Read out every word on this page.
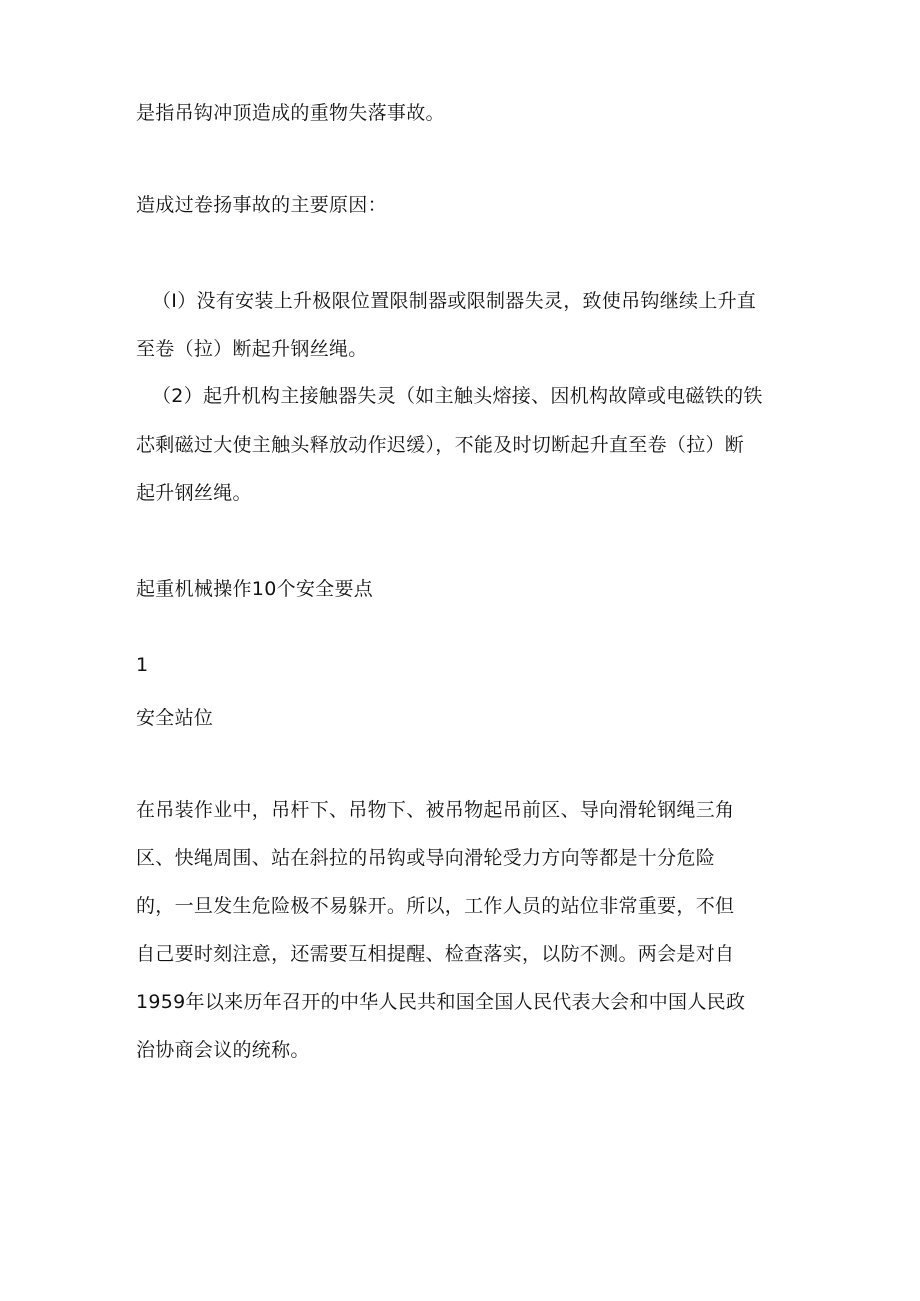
是指吊钩冲顶造成的重物失落事故。
造成过卷扬事故的主要原因：
（I）没有安装上升极限位置限制器或限制器失灵，致使吊钩继续上升直
至卷（拉）断起升钢丝绳。
（2）起升机构主接触器失灵（如主触头熔接、因机构故障或电磁铁的铁
芯剩磁过大使主触头释放动作迟缓），不能及时切断起升直至卷（拉）断
起升钢丝绳。
起重机械操作10个安全要点
1
安全站位
在吊装作业中，吊杆下、吊物下、被吊物起吊前区、导向滑轮钢绳三角
区、快绳周围、站在斜拉的吊钩或导向滑轮受力方向等都是十分危险
的，一旦发生危险极不易躲开。所以，工作人员的站位非常重要，不但
自己要时刻注意，还需要互相提醒、检查落实，以防不测。两会是对自
1959年以来历年召开的中华人民共和国全国人民代表大会和中国人民政
治协商会议的统称。
